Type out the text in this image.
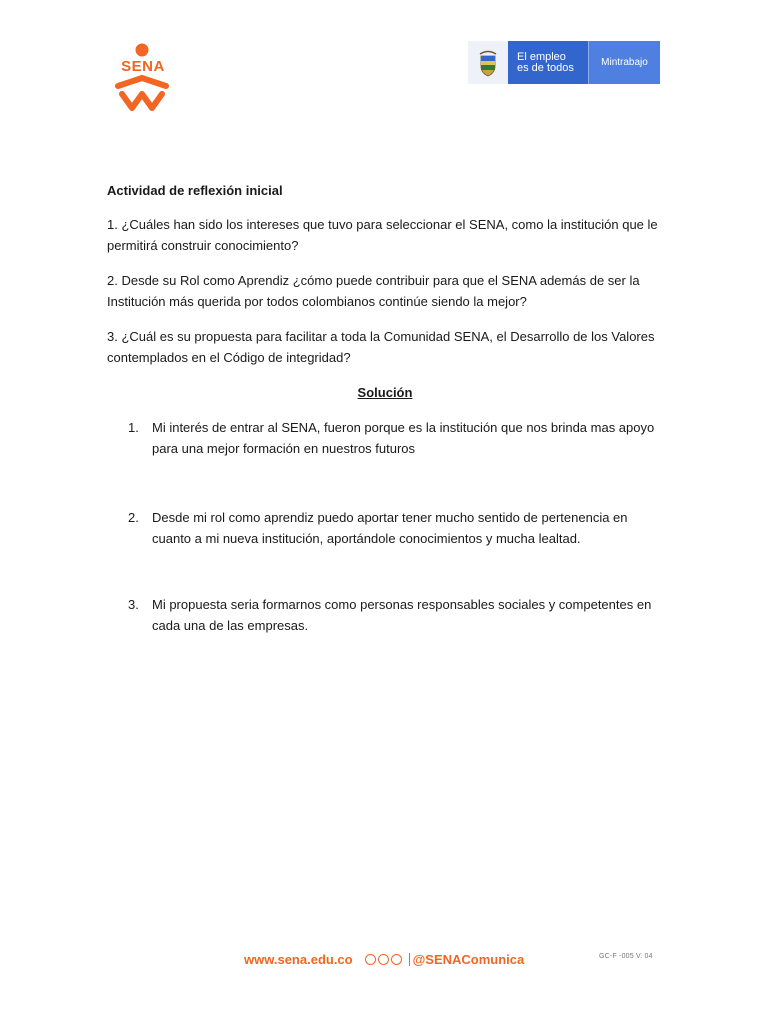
SENA
El empleo
es de todos	Mintrabajo

Actividad de reflexión inicial

1. ¿Cuáles han sido los intereses que tuvo para seleccionar el SENA, como la institución que le permitirá construir conocimiento?

2. Desde su Rol como Aprendiz ¿cómo puede contribuir para que el SENA además de ser la Institución más querida por todos colombianos continúe siendo la mejor?

3. ¿Cuál es su propuesta para facilitar a toda la Comunidad SENA, el Desarrollo de los Valores contemplados en el Código de integridad?

Solución

1. Mi interés de entrar al SENA, fueron porque es la institución que nos brinda mas apoyo para una mejor formación en nuestros futuros
2. Desde mi rol como aprendiz puedo aportar tener mucho sentido de pertenencia en cuanto a mi nueva institución, aportándole conocimientos y mucha lealtad.
3. Mi propuesta seria formarnos como personas responsables sociales y competentes en cada una de las empresas.
www.sena.edu.co	@SENAComunica	GC-F -005 V. 04
